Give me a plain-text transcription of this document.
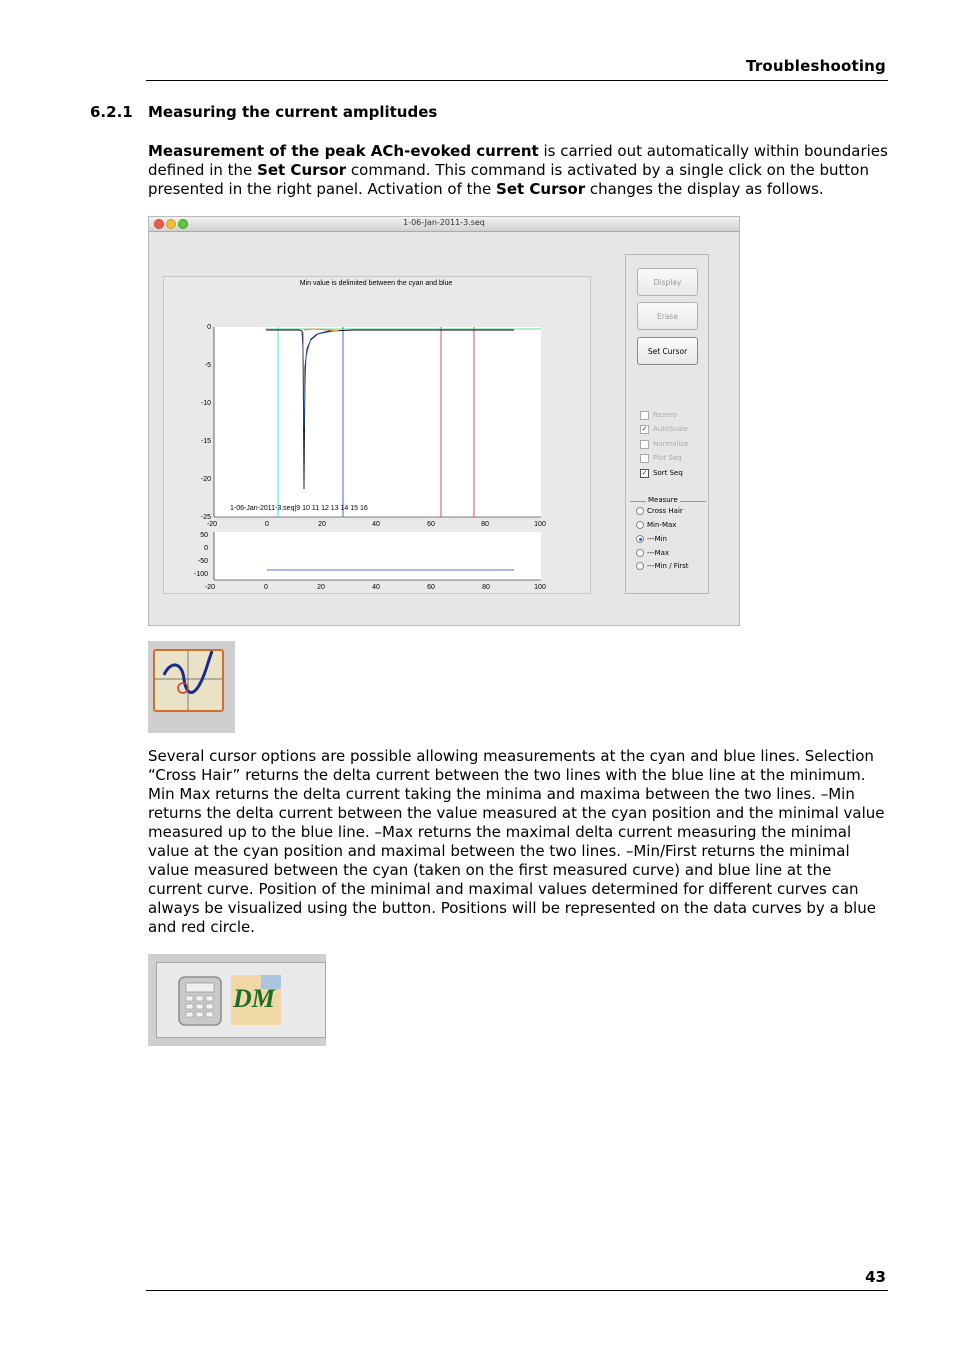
Troubleshooting
6.2.1 Measuring the current amplitudes
Measurement of the peak ACh-evoked current is carried out automatically within boundaries defined in the Set Cursor command. This command is activated by a single click on the button presented in the right panel. Activation of the Set Cursor changes the display as follows.
1-06-Jan-2011-3.seq
Min value is delimited between the cyan and blue
0
-5
-10
-15
-20
-25
-20	0	20	40	60	80	100
1-06-Jan-2011-3.seq|9 10 11 12 13 14 15 16
50
0
-50
-100
-20	0	20	40	60	80	100
Display
Erase
Set Cursor
Rezero
✓ AutoScale
Normalize
Plot Seq
✓ Sort Seq
Measure
Cross Hair
Min-Max
---Min
---Max
---Min / First
Several cursor options are possible allowing measurements at the cyan and blue lines. Selection “Cross Hair” returns the delta current between the two lines with the blue line at the minimum. Min Max returns the delta current taking the minima and maxima between the two lines. –Min returns the delta current between the value measured at the cyan position and the minimal value measured up to the blue line. –Max returns the maximal delta current measuring the minimal value at the cyan position and maximal between the two lines. –Min/First returns the minimal value measured between the cyan (taken on the first measured curve) and blue line at the current curve. Position of the minimal and maximal values determined for different curves can always be visualized using the button. Positions will be represented on the data curves by a blue and red circle.
DM
43
